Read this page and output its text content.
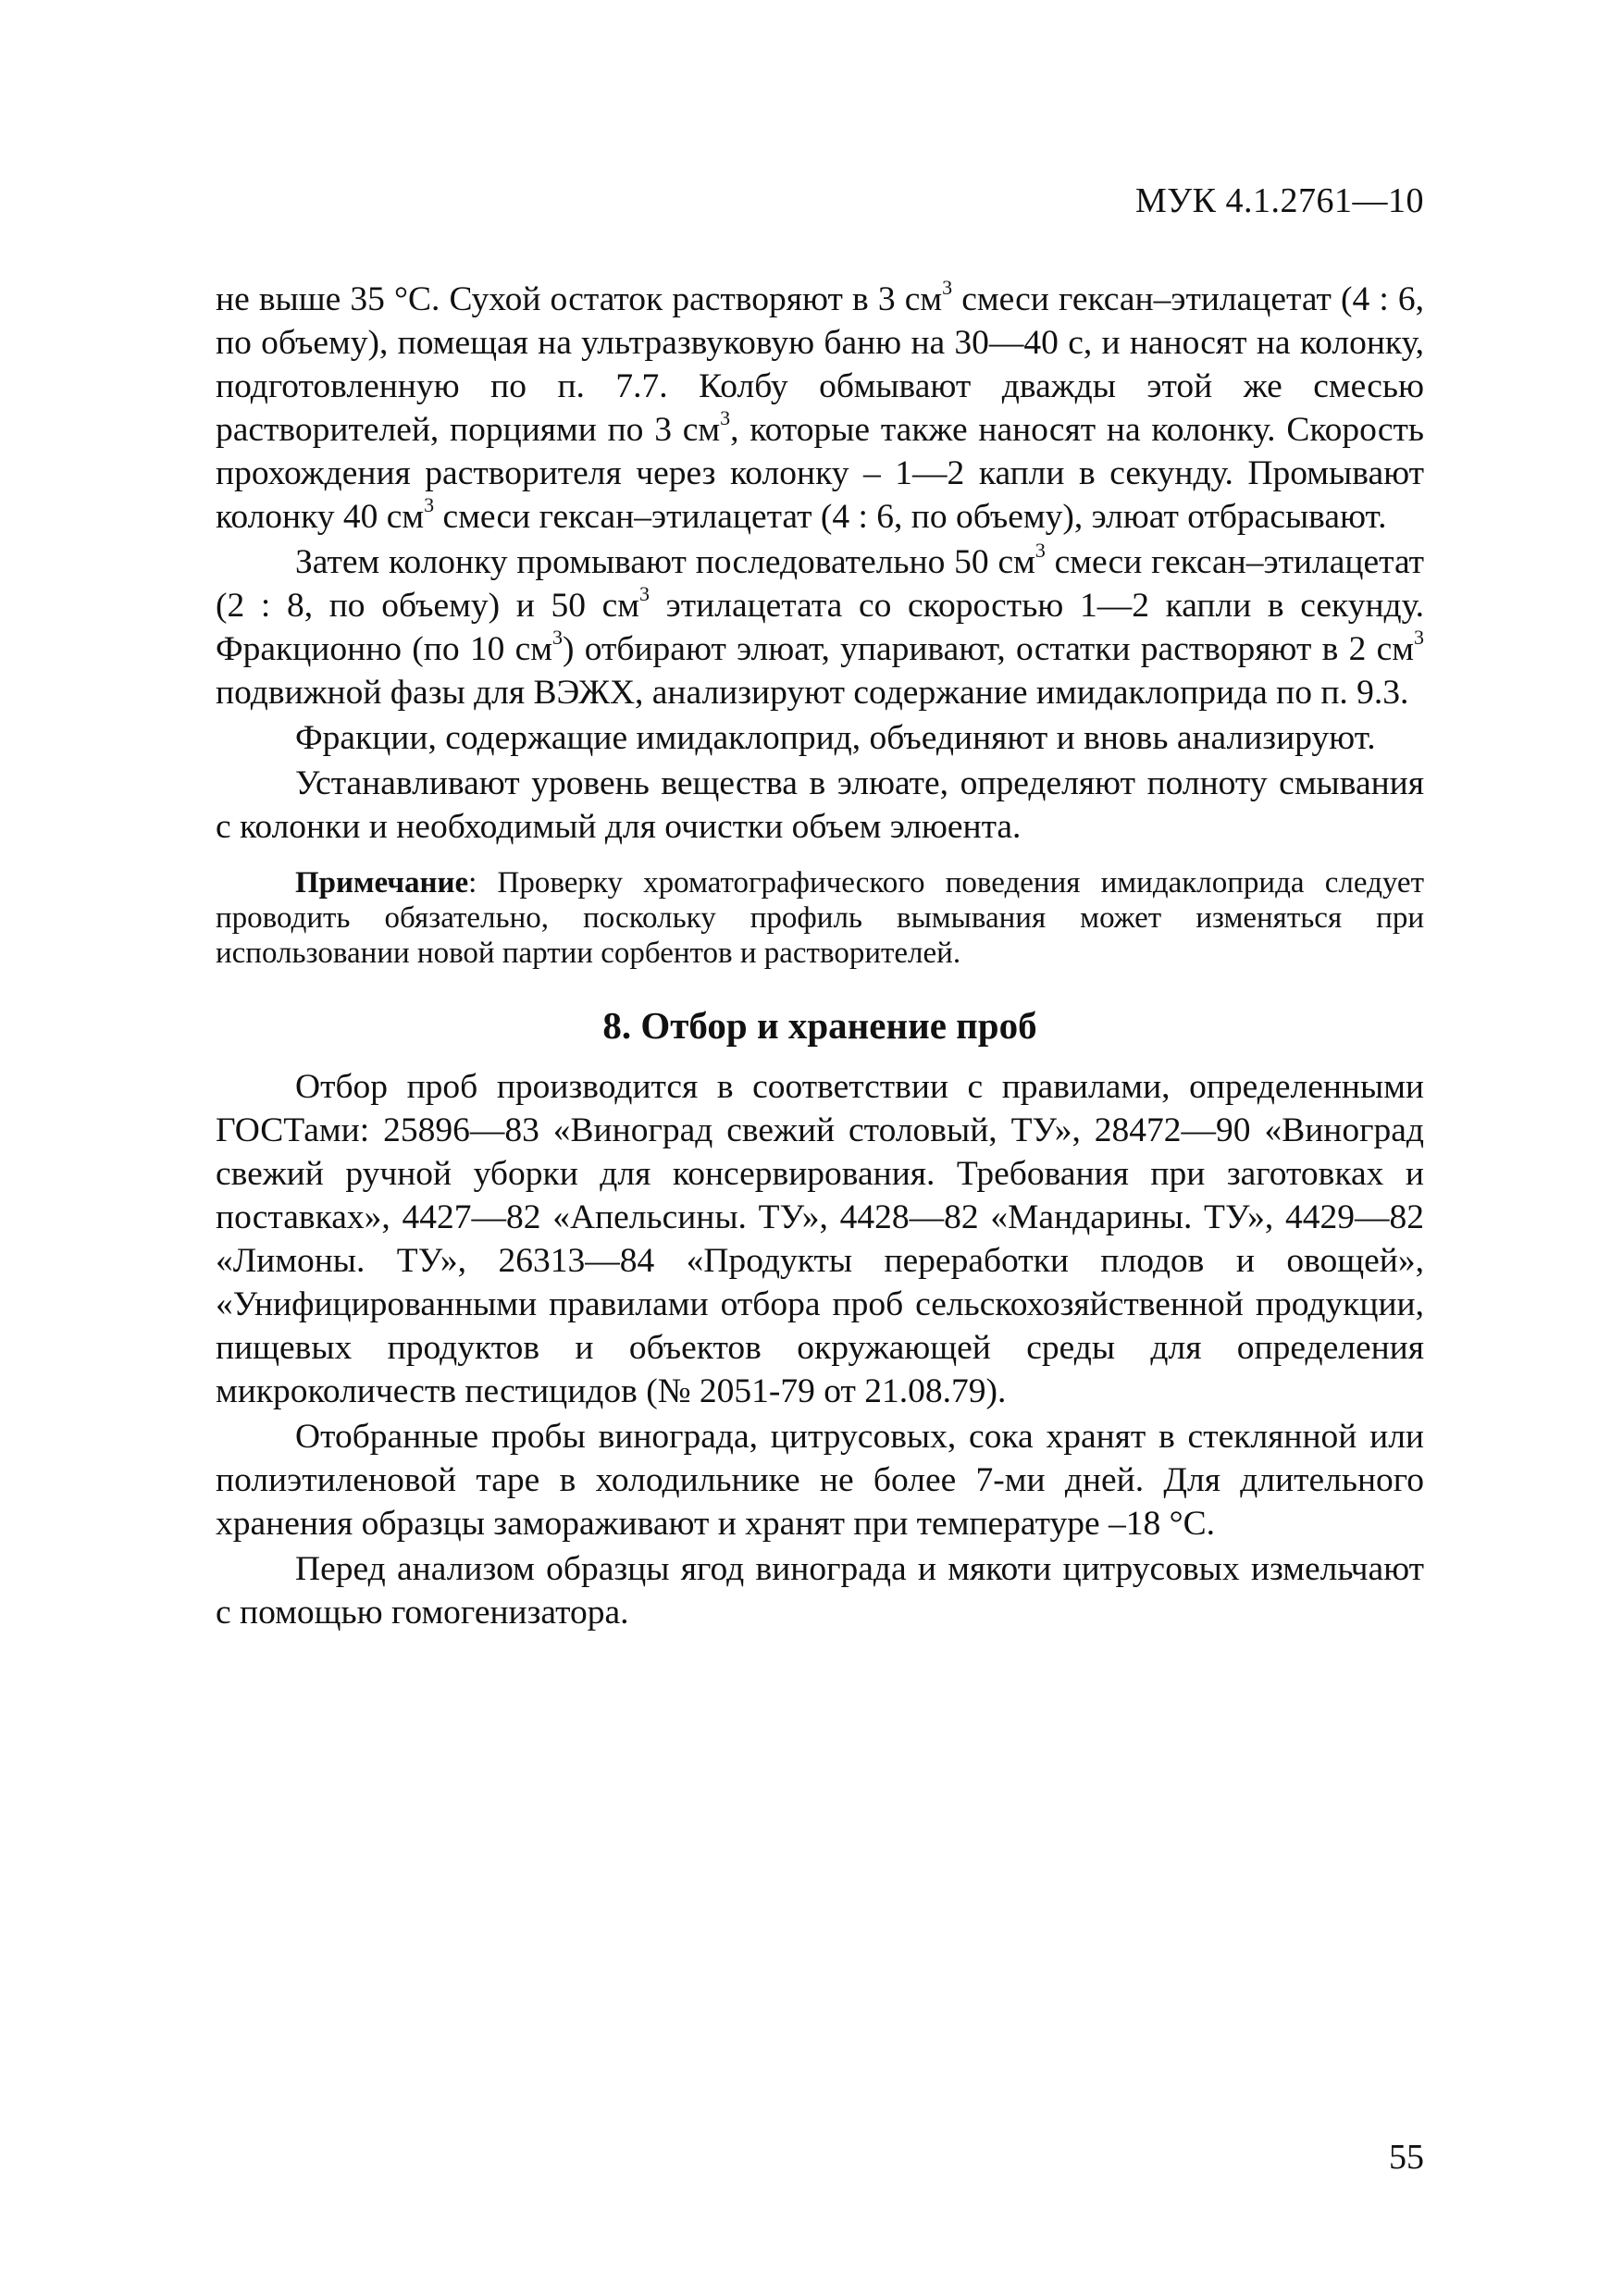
МУК 4.1.2761—10

не выше 35 °С. Сухой остаток растворяют в 3 $см^3$ смеси гексан–этилацетат (4 : 6, по объему), помещая на ультразвуковую баню на 30—40 с, и наносят на колонку, подготовленную по п. 7.7. Колбу обмывают дважды этой же смесью растворителей, порциями по 3 $см^3$, которые также наносят на колонку. Скорость прохождения растворителя через колонку – 1—2 капли в секунду. Промывают колонку 40 $см^3$ смеси гексан–этилацетат (4 : 6, по объему), элюат отбрасывают.

Затем колонку промывают последовательно 50 $см^3$ смеси гексан–этилацетат (2 : 8, по объему) и 50 $см^3$ этилацетата со скоростью 1—2 капли в секунду. Фракционно (по 10 $см^3$) отбирают элюат, упаривают, остатки растворяют в 2 $см^3$ подвижной фазы для ВЭЖХ, анализируют содержание имидаклоприда по п. 9.3.

Фракции, содержащие имидаклоприд, объединяют и вновь анализируют.

Устанавливают уровень вещества в элюате, определяют полноту смывания с колонки и необходимый для очистки объем элюента.

Примечание: Проверку хроматографического поведения имидаклоприда следует проводить обязательно, поскольку профиль вымывания может изменяться при использовании новой партии сорбентов и растворителей.

8. Отбор и хранение проб

Отбор проб производится в соответствии с правилами, определенными ГОСТами: 25896—83 «Виноград свежий столовый, ТУ», 28472—90 «Виноград свежий ручной уборки для консервирования. Требования при заготовках и поставках», 4427—82 «Апельсины. ТУ», 4428—82 «Мандарины. ТУ», 4429—82 «Лимоны. ТУ», 26313—84 «Продукты переработки плодов и овощей», «Унифицированными правилами отбора проб сельскохозяйственной продукции, пищевых продуктов и объектов окружающей среды для определения микроколичеств пестицидов (№ 2051-79 от 21.08.79).

Отобранные пробы винограда, цитрусовых, сока хранят в стеклянной или полиэтиленовой таре в холодильнике не более 7-ми дней. Для длительного хранения образцы замораживают и хранят при температуре –18 °С.

Перед анализом образцы ягод винограда и мякоти цитрусовых измельчают с помощью гомогенизатора.

55
